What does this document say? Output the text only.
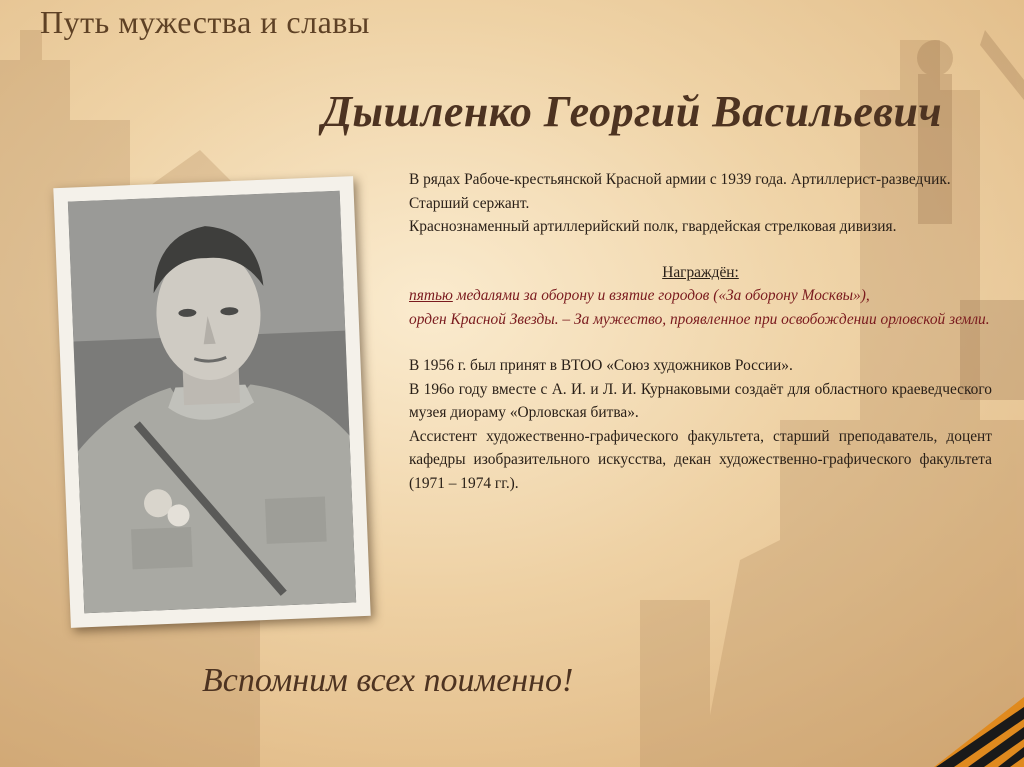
Путь мужества и славы
Дышленко Георгий Васильевич

В рядах Рабоче-крестьянской Красной армии с 1939 года. Артиллерист-разведчик.

Старший сержант.

Краснознаменный артиллерийский полк, гвардейская стрелковая дивизия.

Награждён:

пятью медалями за оборону и взятие городов («За оборону Москвы»),

орден Красной Звезды. – За мужество, проявленное при освобождении орловской земли.

В 1956 г. был принят в ВТОО «Союз художников России».

В 196о году вместе с А. И. и Л. И. Курнаковыми создаёт для областного краеведческого музея диораму «Орловская битва».

Ассистент художественно-графического факультета, старший преподаватель, доцент кафедры изобразительного искусства, декан художественно-графического факультета (1971 – 1974 гг.).

Вспомним всех поименно!
